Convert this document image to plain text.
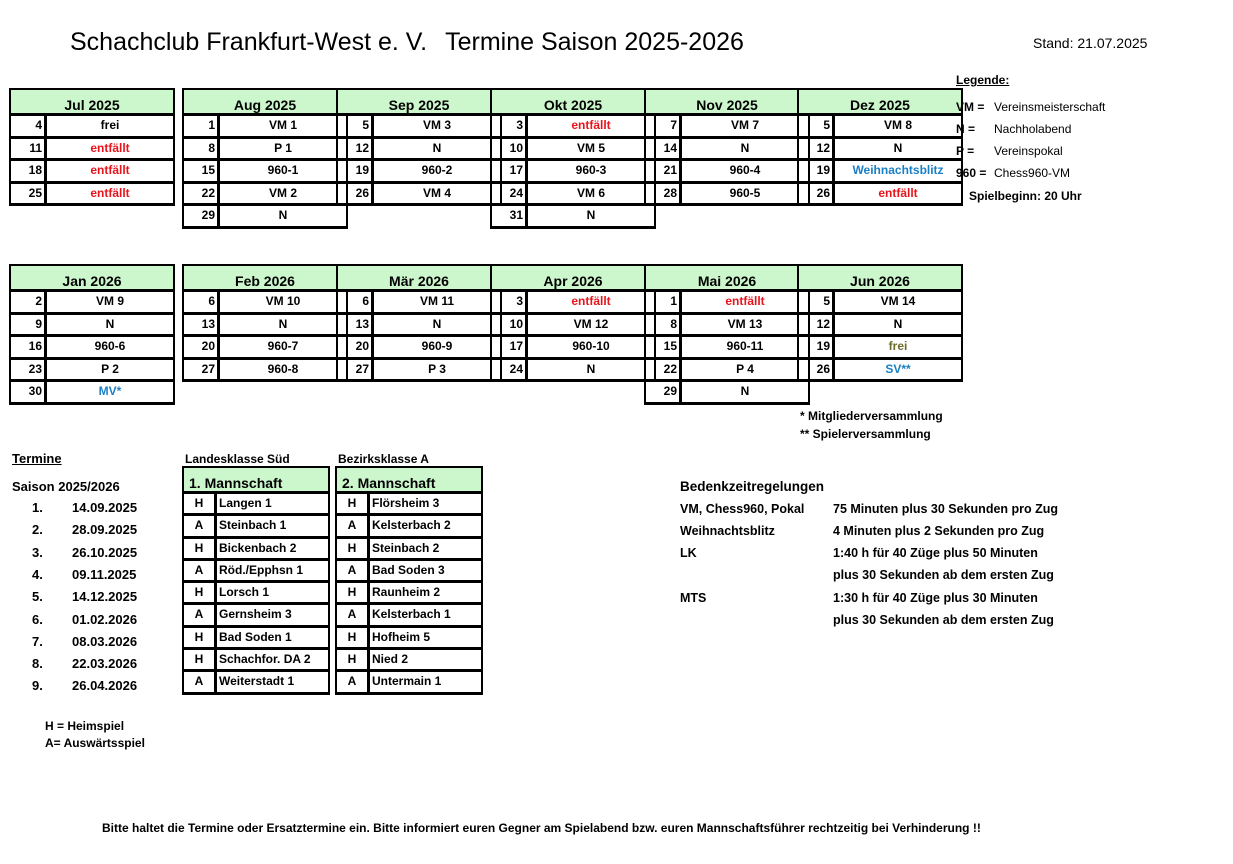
Schachclub Frankfurt-West e. V. Termine Saison 2025-2026	Stand: 21.07.2025
Jul 2025
4	frei
11	entfällt
18	entfällt
25	entfällt
Aug 2025
1	VM 1
8	P 1
15	960-1
22	VM 2
29	N
Sep 2025
5	VM 3
12	N
19	960-2
26	VM 4
Okt 2025
3	entfällt
10	VM 5
17	960-3
24	VM 6
31	N
Nov 2025
7	VM 7
14	N
21	960-4
28	960-5
Dez 2025
5	VM 8
12	N
19	Weihnachtsblitz
26	entfällt
Jan 2026
2	VM 9
9	N
16	960-6
23	P 2
30	MV*
Feb 2026
6	VM 10
13	N
20	960-7
27	960-8
Mär 2026
6	VM 11
13	N
20	960-9
27	P 3
Apr 2026
3	entfällt
10	VM 12
17	960-10
24	N
Mai 2026
1	entfällt
8	VM 13
15	960-11
22	P 4
29	N
Jun 2026
5	VM 14
12	N
19	frei
26	SV**
Legende:
VM = Vereinsmeisterschaft
N = Nachholabend
P = Vereinspokal
960 = Chess960-VM
Spielbeginn: 20 Uhr
* Mitgliederversammlung
** Spielerversammlung
Termine
Saison 2025/2026
1. 14.09.2025
2. 28.09.2025
3. 26.10.2025
4. 09.11.2025
5. 14.12.2025
6. 01.02.2026
7. 08.03.2026
8. 22.03.2026
9. 26.04.2026
H = Heimspiel
A= Auswärtsspiel
Landesklasse Süd	Bezirksklasse A
1. Mannschaft
H	Langen 1
A	Steinbach 1
H	Bickenbach 2
A	Röd./Epphsn 1
H	Lorsch 1
A	Gernsheim 3
H	Bad Soden 1
H	Schachfor. DA 2
A	Weiterstadt 1
2. Mannschaft
H	Flörsheim 3
A	Kelsterbach 2
H	Steinbach 2
A	Bad Soden 3
H	Raunheim 2
A	Kelsterbach 1
H	Hofheim 5
H	Nied 2
A	Untermain 1
Bedenkzeitregelungen
VM, Chess960, Pokal 75 Minuten plus 30 Sekunden pro Zug
Weihnachtsblitz	4 Minuten plus 2 Sekunden pro Zug
LK	1:40 h für 40 Züge plus 50 Minuten
plus 30 Sekunden ab dem ersten Zug
MTS	1:30 h für 40 Züge plus 30 Minuten
plus 30 Sekunden ab dem ersten Zug
Bitte haltet die Termine oder Ersatztermine ein. Bitte informiert euren Gegner am Spielabend bzw. euren Mannschaftsführer rechtzeitig bei Verhinderung !!
